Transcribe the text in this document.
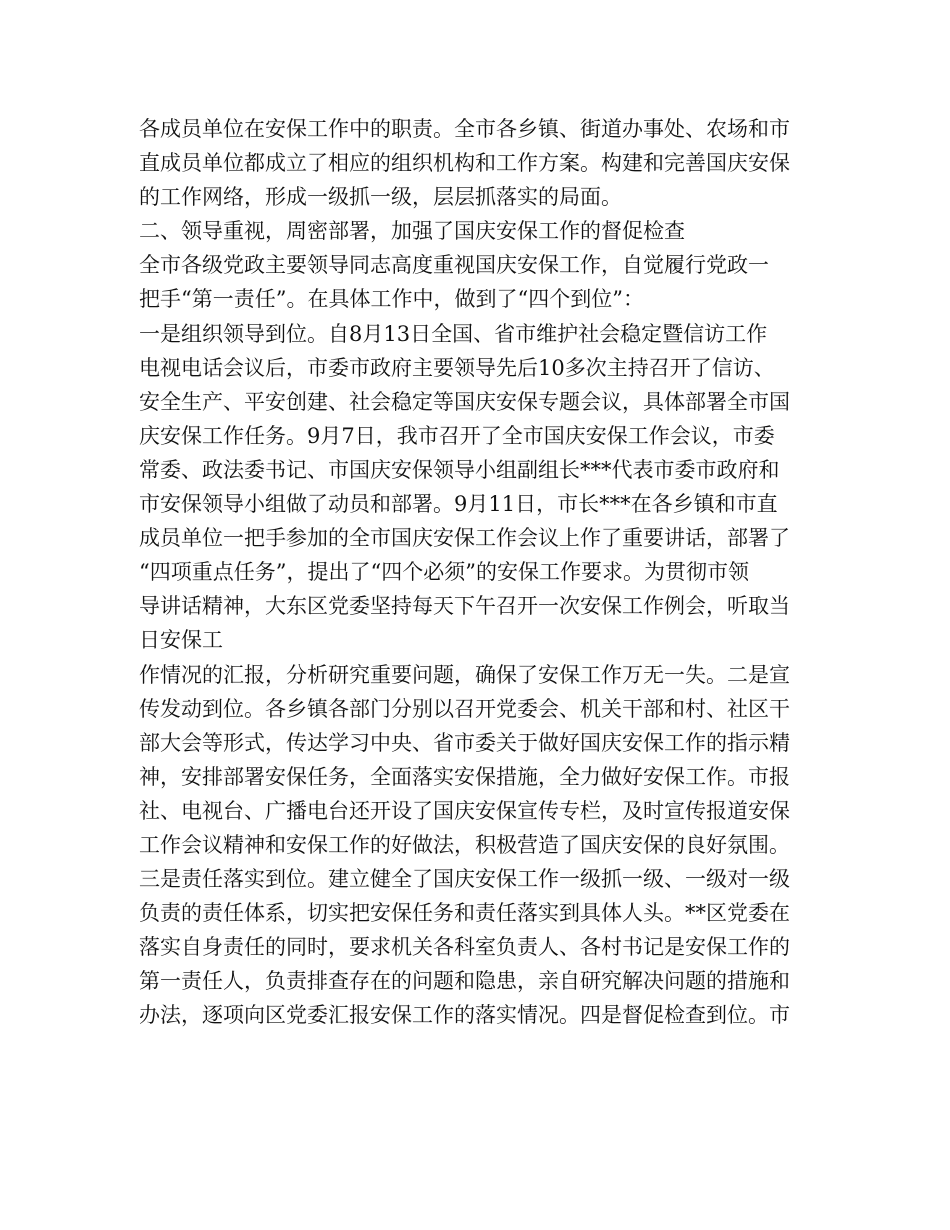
各成员单位在安保工作中的职责。全市各乡镇、街道办事处、农场和市
直成员单位都成立了相应的组织机构和工作方案。构建和完善国庆安保
的工作网络，形成一级抓一级，层层抓落实的局面。
二、领导重视，周密部署，加强了国庆安保工作的督促检查
全市各级党政主要领导同志高度重视国庆安保工作，自觉履行党政一
把手“第一责任”。在具体工作中，做到了“四个到位”：
一是组织领导到位。自8月13日全国、省市维护社会稳定暨信访工作
电视电话会议后，市委市政府主要领导先后10多次主持召开了信访、
安全生产、平安创建、社会稳定等国庆安保专题会议，具体部署全市国
庆安保工作任务。9月7日，我市召开了全市国庆安保工作会议，市委
常委、政法委书记、市国庆安保领导小组副组长***代表市委市政府和
市安保领导小组做了动员和部署。9月11日，市长***在各乡镇和市直
成员单位一把手参加的全市国庆安保工作会议上作了重要讲话，部署了
“四项重点任务”，提出了“四个必须”的安保工作要求。为贯彻市领
导讲话精神，大东区党委坚持每天下午召开一次安保工作例会，听取当
日安保工
作情况的汇报，分析研究重要问题，确保了安保工作万无一失。二是宣
传发动到位。各乡镇各部门分别以召开党委会、机关干部和村、社区干
部大会等形式，传达学习中央、省市委关于做好国庆安保工作的指示精
神，安排部署安保任务，全面落实安保措施，全力做好安保工作。市报
社、电视台、广播电台还开设了国庆安保宣传专栏，及时宣传报道安保
工作会议精神和安保工作的好做法，积极营造了国庆安保的良好氛围。
三是责任落实到位。建立健全了国庆安保工作一级抓一级、一级对一级
负责的责任体系，切实把安保任务和责任落实到具体人头。**区党委在
落实自身责任的同时，要求机关各科室负责人、各村书记是安保工作的
第一责任人，负责排查存在的问题和隐患，亲自研究解决问题的措施和
办法，逐项向区党委汇报安保工作的落实情况。四是督促检查到位。市
